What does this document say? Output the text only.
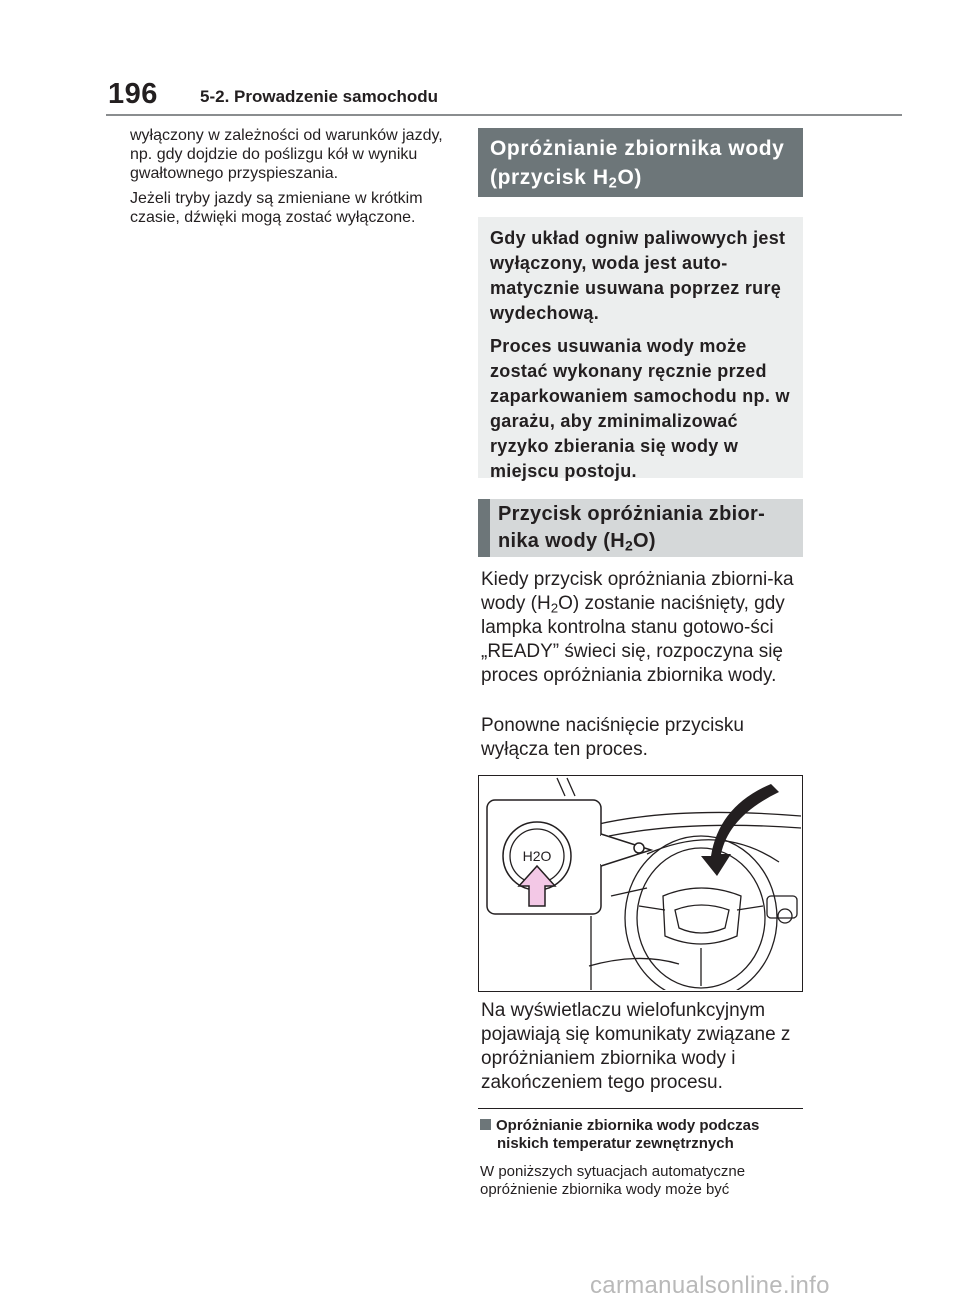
196 5-2. Prowadzenie samochodu

wyłączony w zależności od warunków jazdy, np. gdy dojdzie do poślizgu kół w wyniku gwałtownego przyspieszania.

Jeżeli tryby jazdy są zmieniane w krótkim czasie, dźwięki mogą zostać wyłączone.

Opróżnianie zbiornika wody (przycisk $H_2O$)

Gdy układ ogniw paliwowych jest wyłączony, woda jest auto-matycznie usuwana poprzez rurę wydechową.

Proces usuwania wody może zostać wykonany ręcznie przed zaparkowaniem samochodu np. w garażu, aby zminimalizować ryzyko zbierania się wody w miejscu postoju.

Przycisk opróżniania zbior-nika wody $(H_2O)$

Kiedy przycisk opróżniania zbiorni-ka wody $(H_2O)$ zostanie naciśnięty, gdy lampka kontrolna stanu gotowo-ści „READY” świeci się, rozpoczyna się proces opróżniania zbiornika wody.

Ponowne naciśnięcie przycisku wyłącza ten proces.

H2O

Na wyświetlaczu wielofunkcyjnym pojawiają się komunikaty związane z opróżnianiem zbiornika wody i zakończeniem tego procesu.

Opróżnianie zbiornika wody podczas
niskich temperatur zewnętrznych
W poniższych sytuacjach automatyczne opróżnienie zbiornika wody może być
carmanualsonline.info
